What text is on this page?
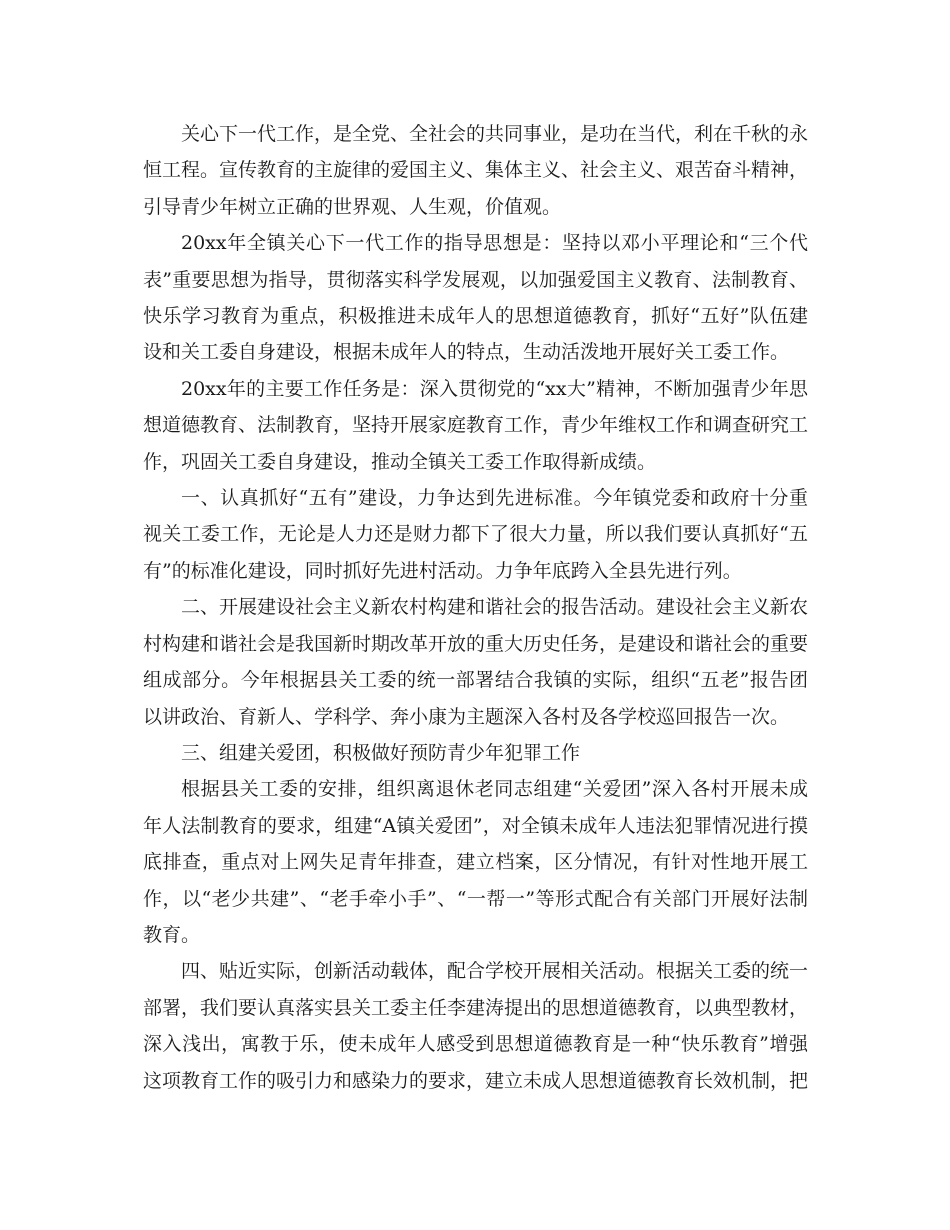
关心下一代工作，是全党、全社会的共同事业，是功在当代，利在千秋的永恒工程。宣传教育的主旋律的爱国主义、集体主义、社会主义、艰苦奋斗精神，引导青少年树立正确的世界观、人生观，价值观。

20xx年全镇关心下一代工作的指导思想是：坚持以邓小平理论和“三个代表”重要思想为指导，贯彻落实科学发展观，以加强爱国主义教育、法制教育、快乐学习教育为重点，积极推进未成年人的思想道德教育，抓好“五好”队伍建设和关工委自身建设，根据未成年人的特点，生动活泼地开展好关工委工作。

20xx年的主要工作任务是：深入贯彻党的“xx大”精神，不断加强青少年思想道德教育、法制教育，坚持开展家庭教育工作，青少年维权工作和调查研究工作，巩固关工委自身建设，推动全镇关工委工作取得新成绩。

一、认真抓好“五有”建设，力争达到先进标准。今年镇党委和政府十分重视关工委工作，无论是人力还是财力都下了很大力量，所以我们要认真抓好“五有”的标准化建设，同时抓好先进村活动。力争年底跨入全县先进行列。

二、开展建设社会主义新农村构建和谐社会的报告活动。建设社会主义新农村构建和谐社会是我国新时期改革开放的重大历史任务，是建设和谐社会的重要组成部分。今年根据县关工委的统一部署结合我镇的实际，组织“五老”报告团以讲政治、育新人、学科学、奔小康为主题深入各村及各学校巡回报告一次。

三、组建关爱团，积极做好预防青少年犯罪工作

根据县关工委的安排，组织离退休老同志组建“关爱团”深入各村开展未成年人法制教育的要求，组建“A镇关爱团”，对全镇未成年人违法犯罪情况进行摸底排查，重点对上网失足青年排查，建立档案，区分情况，有针对性地开展工作，以“老少共建”、“老手牵小手”、“一帮一”等形式配合有关部门开展好法制教育。

四、贴近实际，创新活动载体，配合学校开展相关活动。根据关工委的统一部署，我们要认真落实县关工委主任李建涛提出的思想道德教育，以典型教材，深入浅出，寓教于乐，使未成年人感受到思想道德教育是一种“快乐教育”增强这项教育工作的吸引力和感染力的要求，建立未成人思想道德教育长效机制，把
